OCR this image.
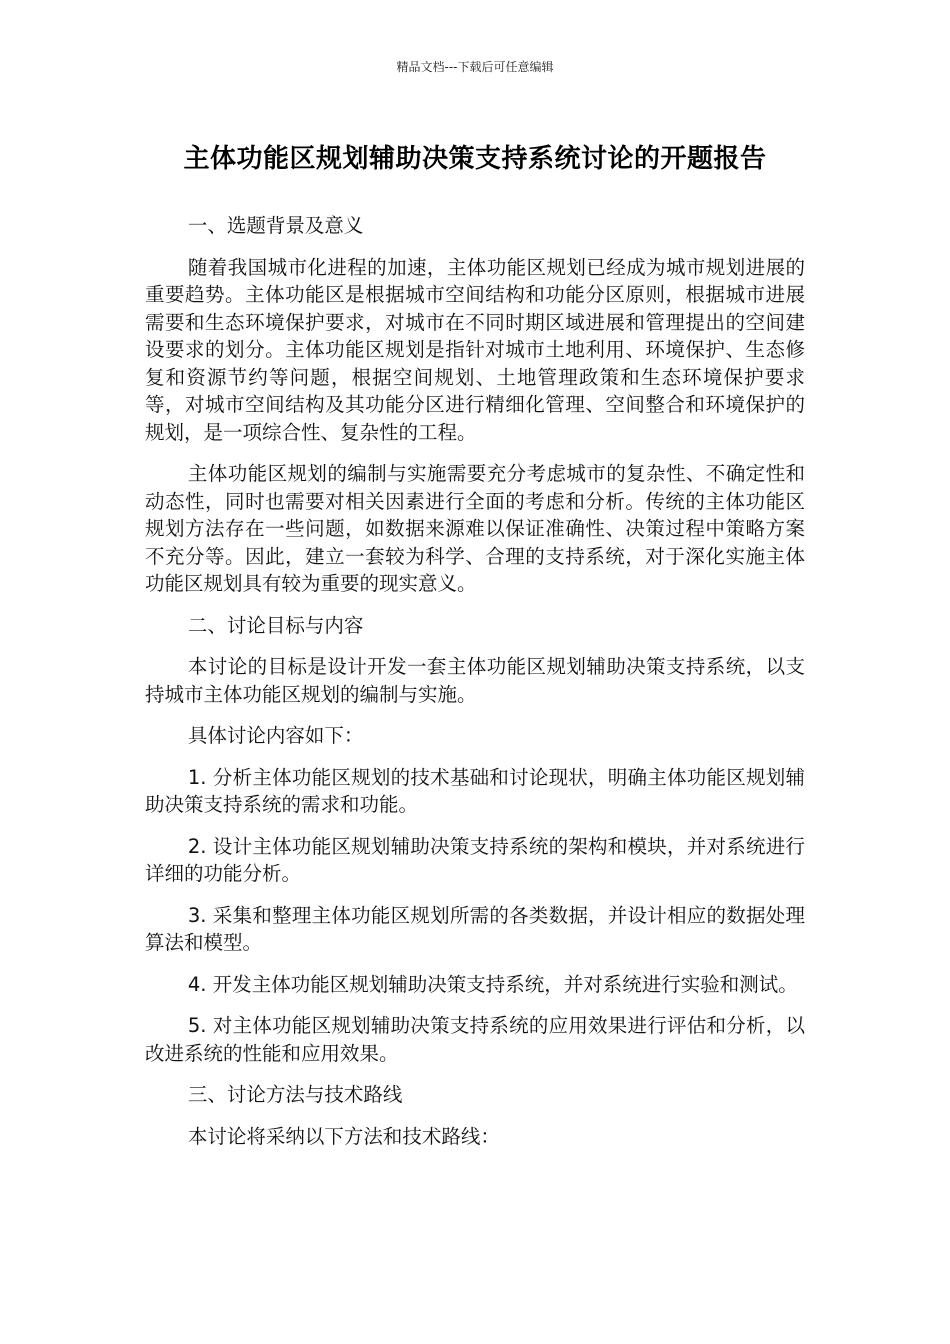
精品文档---下载后可任意编辑
主体功能区规划辅助决策支持系统讨论的开题报告

一、选题背景及意义

随着我国城市化进程的加速，主体功能区规划已经成为城市规划进展的重要趋势。主体功能区是根据城市空间结构和功能分区原则，根据城市进展需要和生态环境保护要求，对城市在不同时期区域进展和管理提出的空间建设要求的划分。主体功能区规划是指针对城市土地利用、环境保护、生态修复和资源节约等问题，根据空间规划、土地管理政策和生态环境保护要求等，对城市空间结构及其功能分区进行精细化管理、空间整合和环境保护的规划，是一项综合性、复杂性的工程。

主体功能区规划的编制与实施需要充分考虑城市的复杂性、不确定性和动态性，同时也需要对相关因素进行全面的考虑和分析。传统的主体功能区规划方法存在一些问题，如数据来源难以保证准确性、决策过程中策略方案不充分等。因此，建立一套较为科学、合理的支持系统，对于深化实施主体功能区规划具有较为重要的现实意义。

二、讨论目标与内容

本讨论的目标是设计开发一套主体功能区规划辅助决策支持系统，以支持城市主体功能区规划的编制与实施。

具体讨论内容如下：

1. 分析主体功能区规划的技术基础和讨论现状，明确主体功能区规划辅助决策支持系统的需求和功能。

2. 设计主体功能区规划辅助决策支持系统的架构和模块，并对系统进行详细的功能分析。

3. 采集和整理主体功能区规划所需的各类数据，并设计相应的数据处理算法和模型。

4. 开发主体功能区规划辅助决策支持系统，并对系统进行实验和测试。

5. 对主体功能区规划辅助决策支持系统的应用效果进行评估和分析，以改进系统的性能和应用效果。

三、讨论方法与技术路线

本讨论将采纳以下方法和技术路线：
